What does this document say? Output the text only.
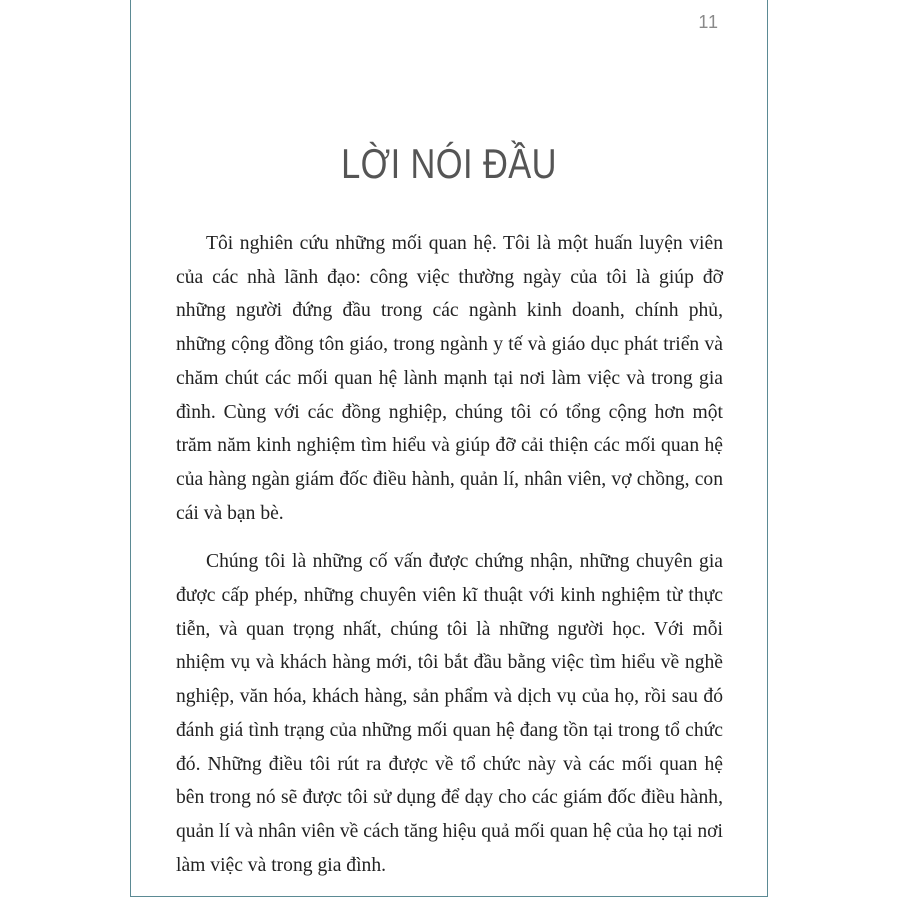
11
LỜI NÓI ĐẦU

Tôi nghiên cứu những mối quan hệ. Tôi là một huấn luyện viên của các nhà lãnh đạo: công việc thường ngày của tôi là giúp đỡ những người đứng đầu trong các ngành kinh doanh, chính phủ, những cộng đồng tôn giáo, trong ngành y tế và giáo dục phát triển và chăm chút các mối quan hệ lành mạnh tại nơi làm việc và trong gia đình. Cùng với các đồng nghiệp, chúng tôi có tổng cộng hơn một trăm năm kinh nghiệm tìm hiểu và giúp đỡ cải thiện các mối quan hệ của hàng ngàn giám đốc điều hành, quản lí, nhân viên, vợ chồng, con cái và bạn bè.

Chúng tôi là những cố vấn được chứng nhận, những chuyên gia được cấp phép, những chuyên viên kĩ thuật với kinh nghiệm từ thực tiễn, và quan trọng nhất, chúng tôi là những người học. Với mỗi nhiệm vụ và khách hàng mới, tôi bắt đầu bằng việc tìm hiểu về nghề nghiệp, văn hóa, khách hàng, sản phẩm và dịch vụ của họ, rồi sau đó đánh giá tình trạng của những mối quan hệ đang tồn tại trong tổ chức đó. Những điều tôi rút ra được về tổ chức này và các mối quan hệ bên trong nó sẽ được tôi sử dụng để dạy cho các giám đốc điều hành, quản lí và nhân viên về cách tăng hiệu quả mối quan hệ của họ tại nơi làm việc và trong gia đình.
